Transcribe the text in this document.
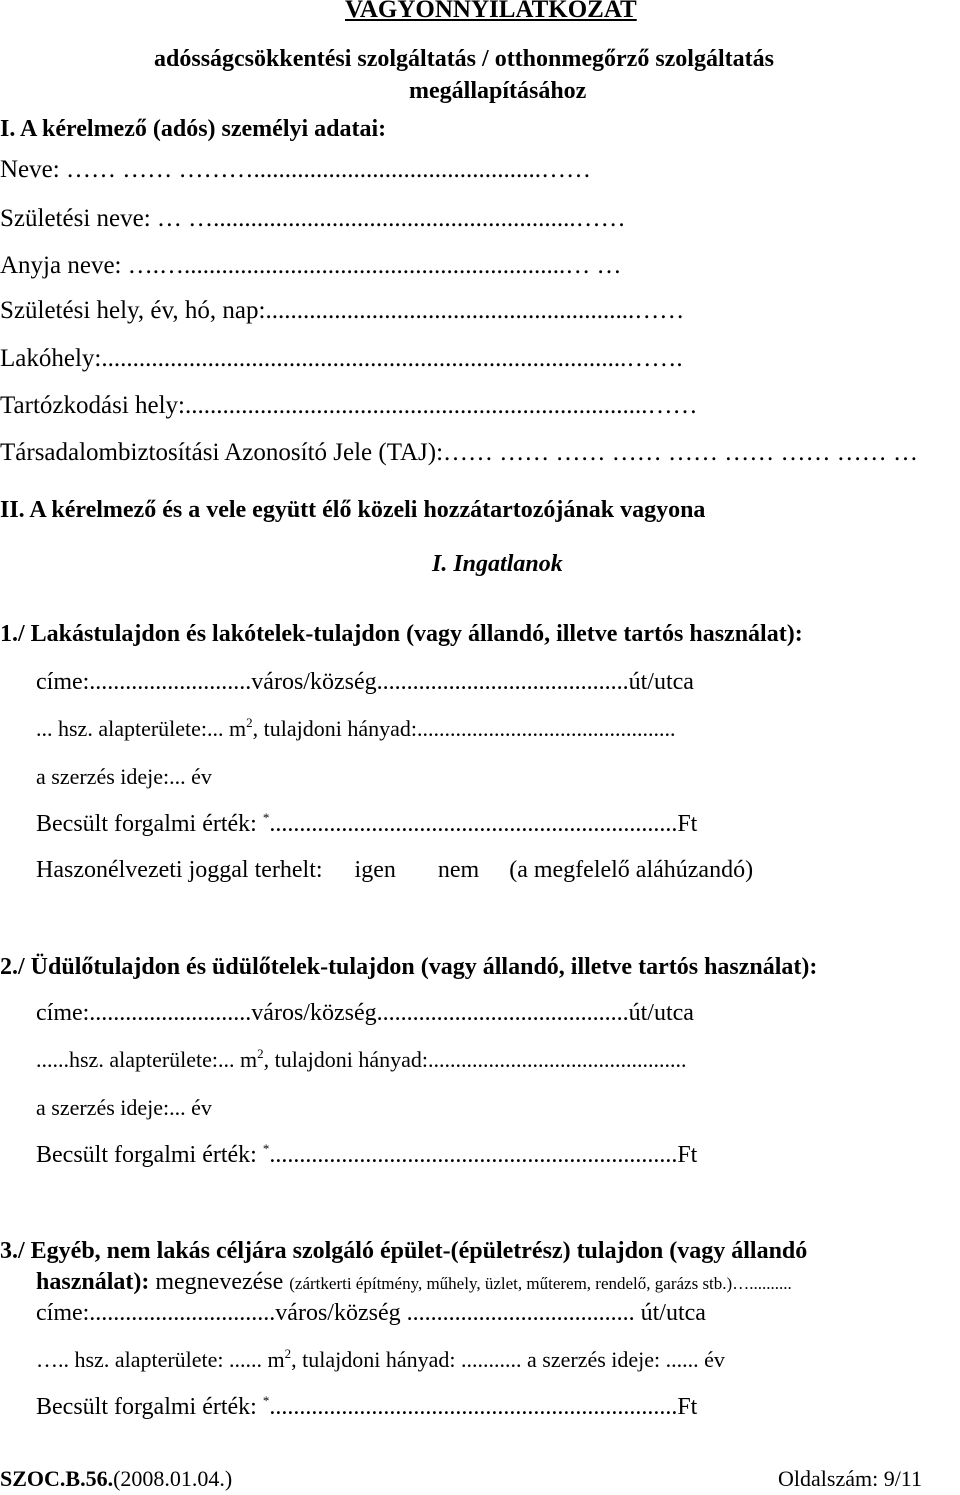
VAGYONNYILATKOZAT
adósságcsökkentési szolgáltatás / otthonmegőrző szolgáltatás
megállapításához
I. A kérelmező (adós) személyi adatai:
Neve: …… …… ………..............................................……
Születési neve: … …..........................................................……
Anyja neve: ….….............................................................… …
Születési hely, év, hó, nap:...........................................................……
Lakóhely:....................................................................................…….
Tartózkodási hely:..........................................................................……
Társadalombiztosítási Azonosító Jele (TAJ):…… …… …… …… …… …… …… …… …
II. A kérelmező és a vele együtt élő közeli hozzátartozójának vagyona
I. Ingatlanok
1./ Lakástulajdon és lakótelek-tulajdon (vagy állandó, illetve tartós használat):
címe:...........................város/község..........................................út/utca
... hsz. alapterülete:... $m^2$, tulajdoni hányad:...............................................
a szerzés ideje:... év
Becsült forgalmi érték: *....................................................................Ft
Haszonélvezeti joggal terhelt: igen nem (a megfelelő aláhúzandó)
2./ Üdülőtulajdon és üdülőtelek-tulajdon (vagy állandó, illetve tartós használat):
címe:...........................város/község..........................................út/utca
......hsz. alapterülete:... $m^2$, tulajdoni hányad:...............................................
a szerzés ideje:... év
Becsült forgalmi érték: *....................................................................Ft
3./ Egyéb, nem lakás céljára szolgáló épület-(épületrész) tulajdon (vagy állandó
használat): megnevezése (zártkerti építmény, műhely, üzlet, műterem, rendelő, garázs stb.)…..........
címe:...............................város/község ...................................... út/utca
….. hsz. alapterülete: ...... $m^2$, tulajdoni hányad: ........... a szerzés ideje: ...... év
Becsült forgalmi érték: *....................................................................Ft
SZOC.B.56.(2008.01.04.)	Oldalszám: 9/11
